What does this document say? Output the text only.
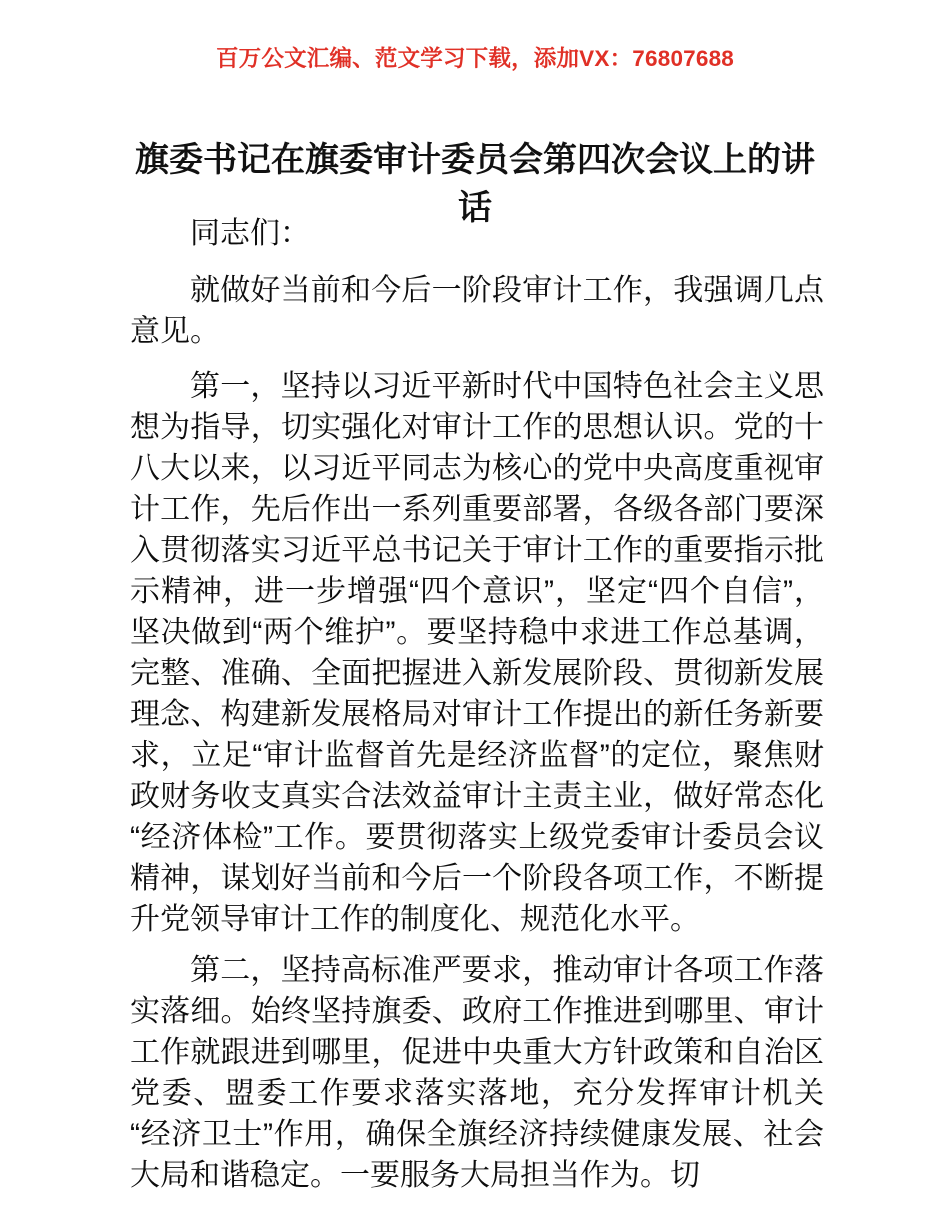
百万公文汇编、范文学习下载，添加VX：76807688
旗委书记在旗委审计委员会第四次会议上的讲话

同志们：

就做好当前和今后一阶段审计工作，我强调几点意见。

第一，坚持以习近平新时代中国特色社会主义思想为指导，切实强化对审计工作的思想认识。党的十八大以来，以习近平同志为核心的党中央高度重视审计工作，先后作出一系列重要部署，各级各部门要深入贯彻落实习近平总书记关于审计工作的重要指示批示精神，进一步增强“四个意识”，坚定“四个自信”，坚决做到“两个维护”。要坚持稳中求进工作总基调，完整、准确、全面把握进入新发展阶段、贯彻新发展理念、构建新发展格局对审计工作提出的新任务新要求，立足“审计监督首先是经济监督”的定位，聚焦财政财务收支真实合法效益审计主责主业，做好常态化“经济体检”工作。要贯彻落实上级党委审计委员会议精神，谋划好当前和今后一个阶段各项工作，不断提升党领导审计工作的制度化、规范化水平。

第二，坚持高标准严要求，推动审计各项工作落实落细。始终坚持旗委、政府工作推进到哪里、审计工作就跟进到哪里，促进中央重大方针政策和自治区党委、盟委工作要求落实落地，充分发挥审计机关“经济卫士”作用，确保全旗经济持续健康发展、社会大局和谐稳定。一要服务大局担当作为。切
